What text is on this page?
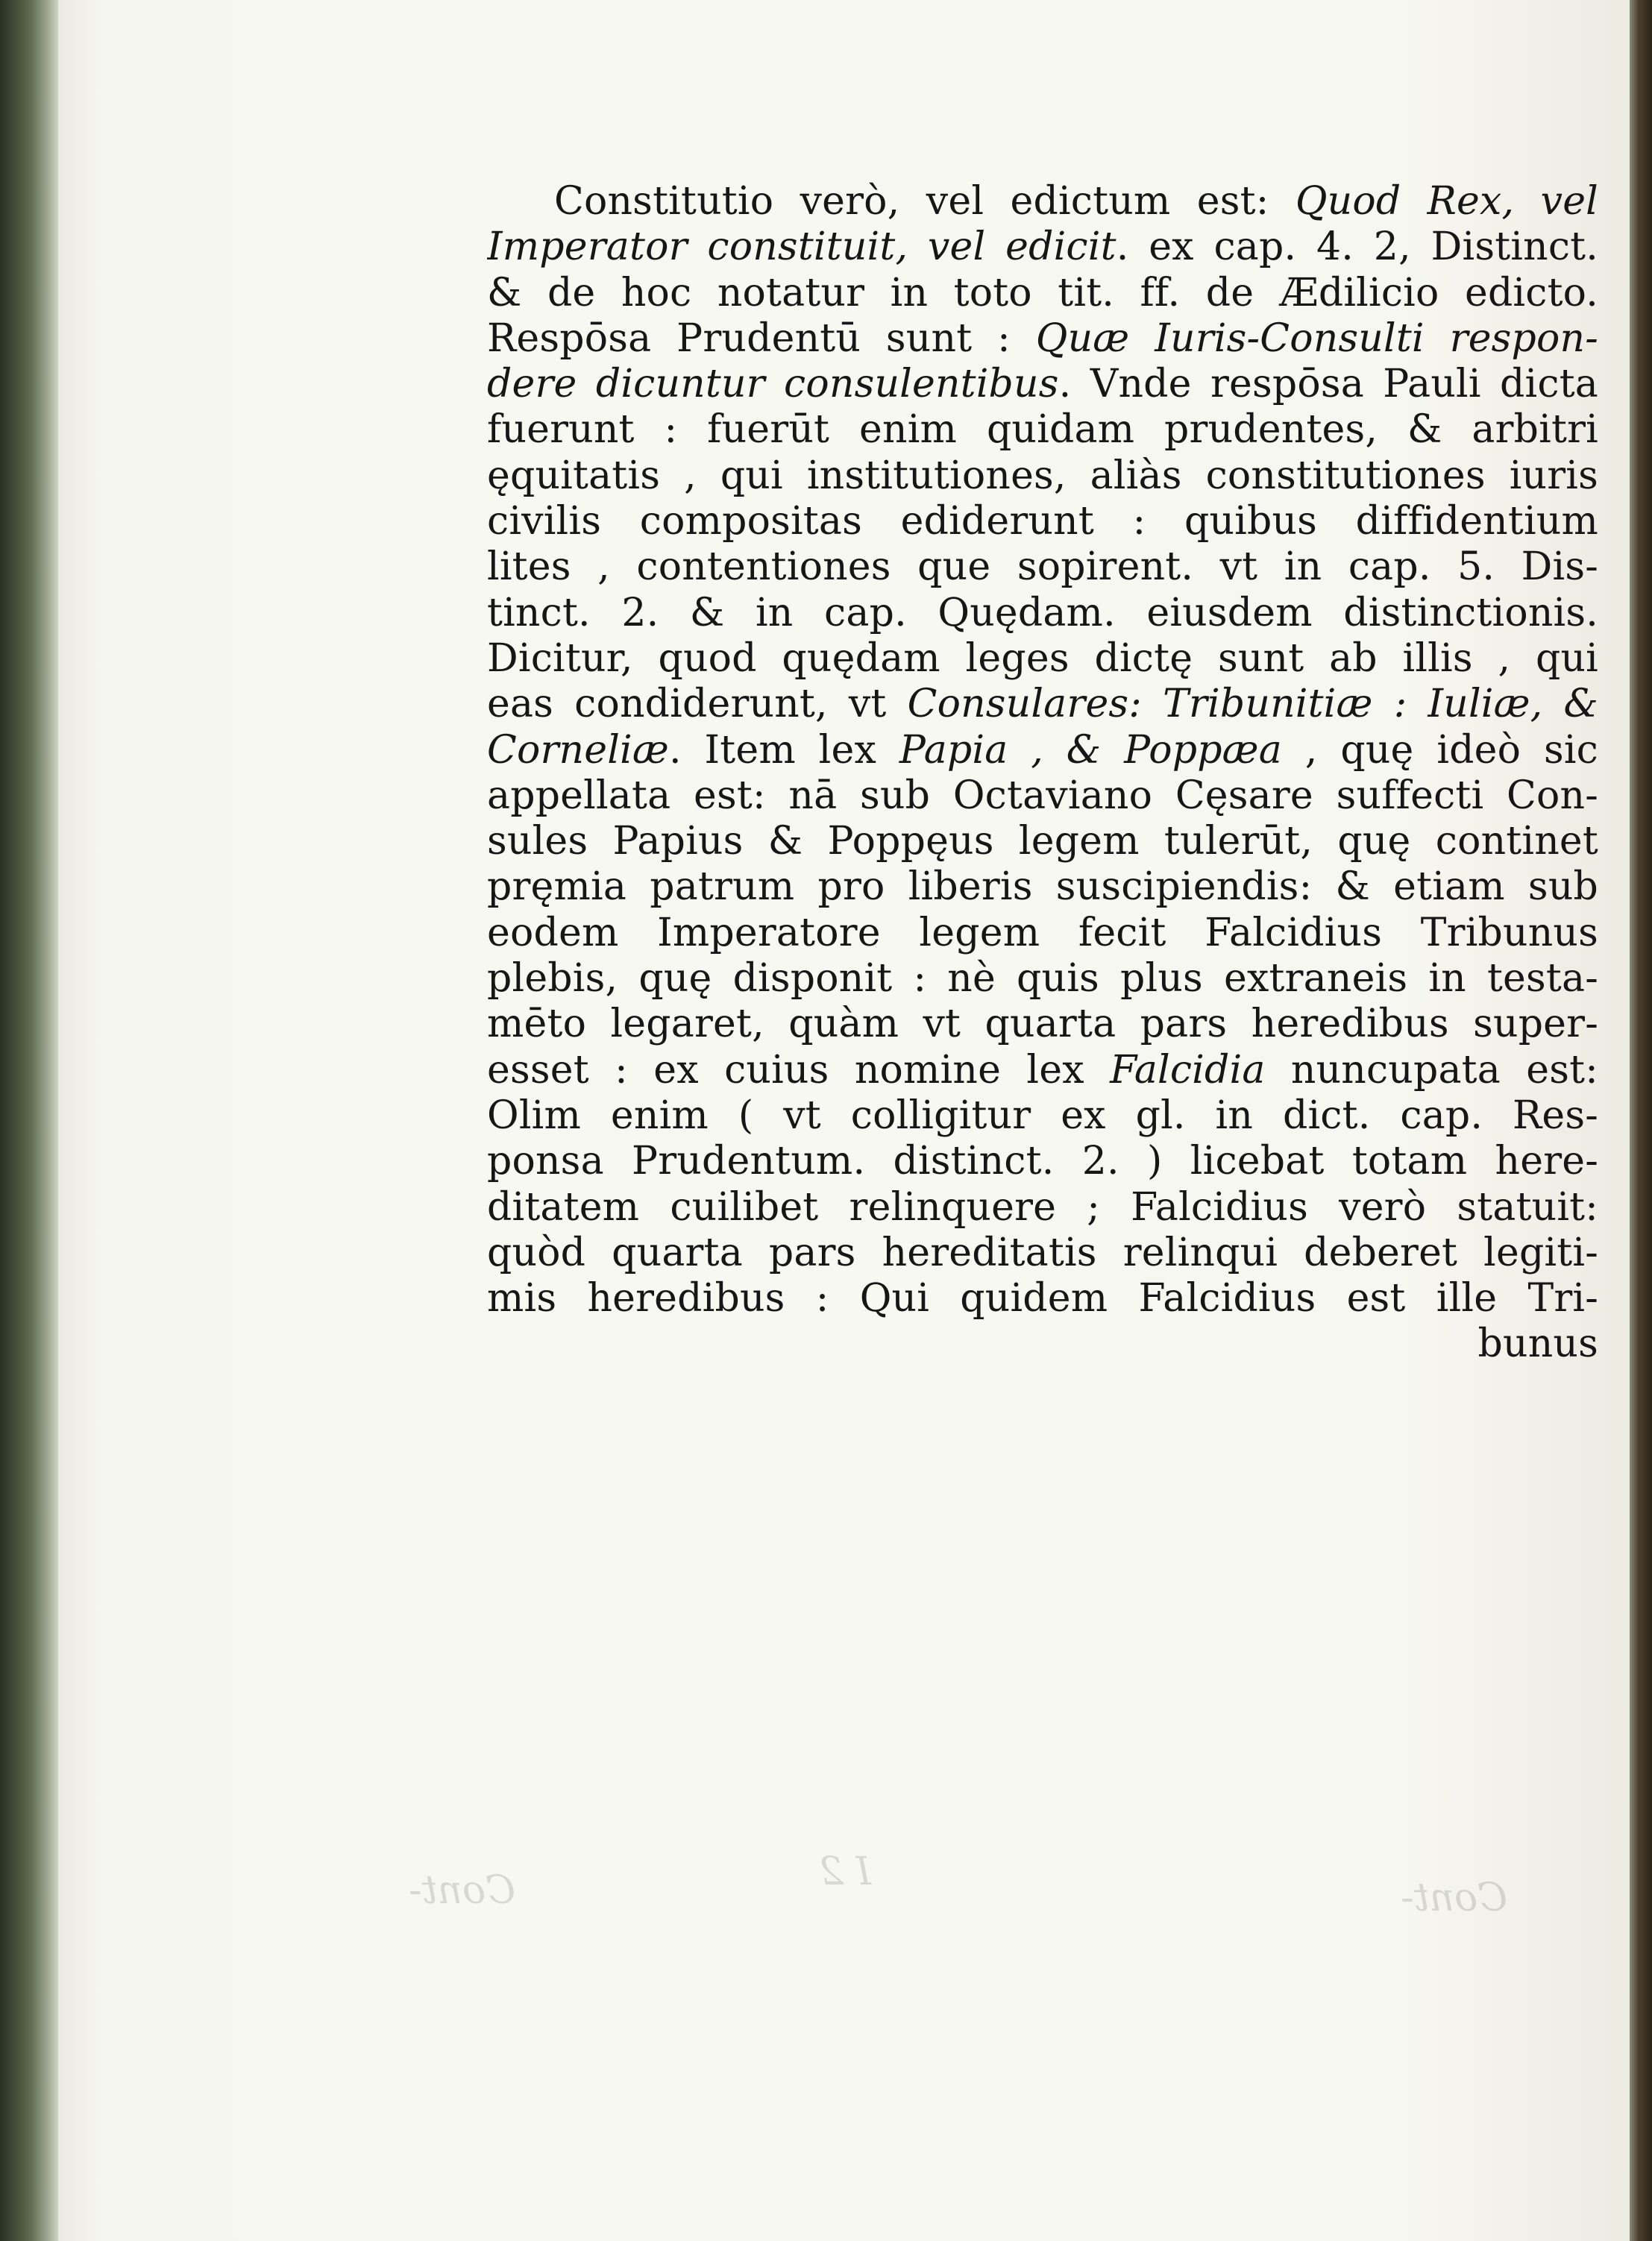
Cont-	I 2
Cont-
Constitutio verò, vel edictum est: Quod Rex, vel
Imperator constituit, vel edicit. ex cap. 4. 2, Distinct.
& de hoc notatur in toto tit. ff. de Ædilicio edicto.
Respōsa Prudentū sunt : Quæ Iuris-Consulti respon-
dere dicuntur consulentibus. Vnde respōsa Pauli dicta
fuerunt : fuerūt enim quidam prudentes, & arbitri
ęquitatis , qui institutiones, aliàs constitutiones iuris
civilis compositas ediderunt : quibus diffidentium
lites , contentiones que sopirent. vt in cap. 5. Dis-
tinct. 2. & in cap. Quędam. eiusdem distinctionis.
Dicitur, quod quędam leges dictę sunt ab illis , qui
eas condiderunt, vt Consulares: Tribunitiæ : Iuliæ, &
Corneliæ. Item lex Papia , & Poppæa , quę ideò sic
appellata est: nā sub Octaviano Cęsare suffecti Con-
sules Papius & Poppęus legem tulerūt, quę continet
pręmia patrum pro liberis suscipiendis: & etiam sub
eodem Imperatore legem fecit Falcidius Tribunus
plebis, quę disponit : nè quis plus extraneis in testa-
mēto legaret, quàm vt quarta pars heredibus super-
esset : ex cuius nomine lex Falcidia nuncupata est:
Olim enim ( vt colligitur ex gl. in dict. cap. Res-
ponsa Prudentum. distinct. 2. ) licebat totam here-
ditatem cuilibet relinquere ; Falcidius verò statuit:
quòd quarta pars hereditatis relinqui deberet legiti-
mis heredibus : Qui quidem Falcidius est ille Tri-
bunus
